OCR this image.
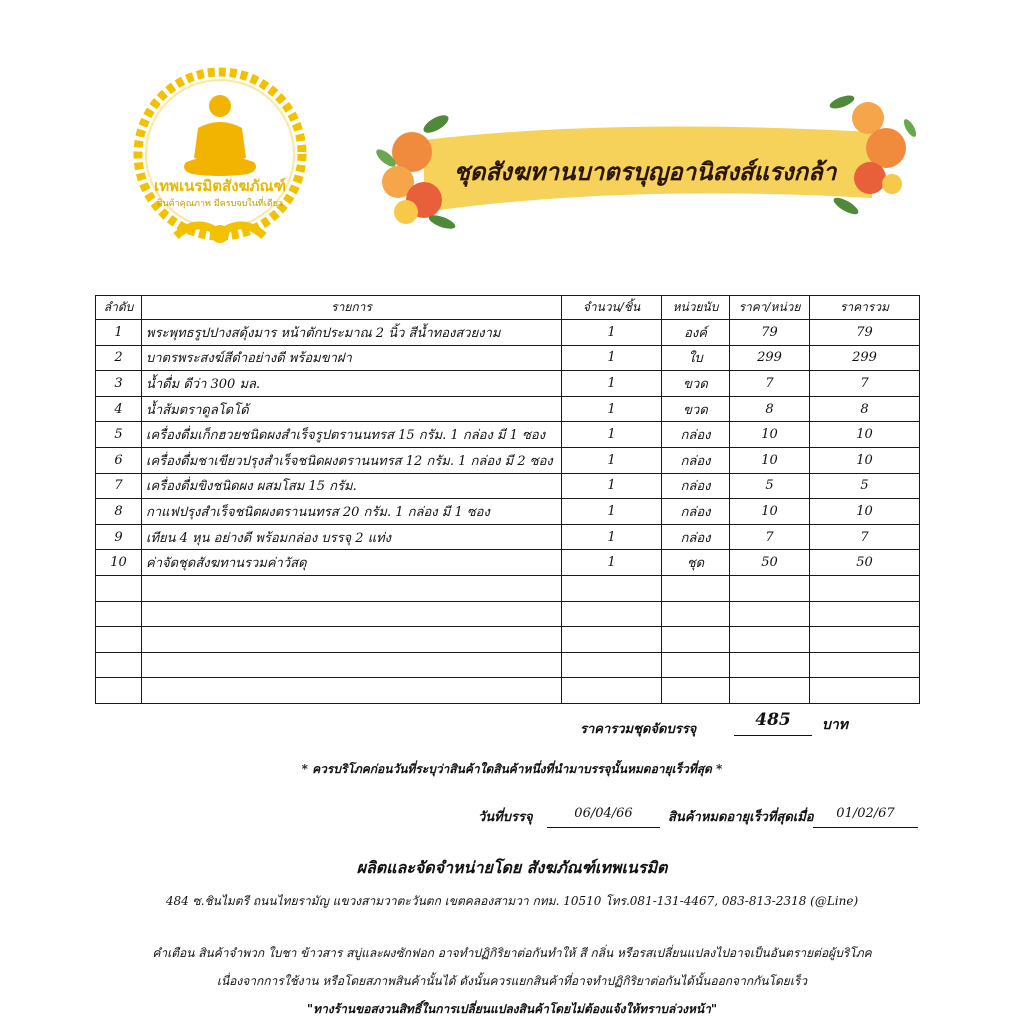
เทพเนรมิตสังฆภัณฑ์
สินค้าคุณภาพ มีครบจบในที่เดียว
ชุดสังฆทานบาตรบุญอานิสงส์แรงกล้า
ลำดับ	รายการ	จำนวน/ชิ้น	หน่วยนับ	ราคา/หน่วย	ราคารวม
1	พระพุทธรูปปางสดุ้งมาร หน้าตักประมาณ 2 นิ้ว สีน้ำทองสวยงาม	1	องค์	79	79
2	บาตรพระสงฆ์สีดำอย่างดี พร้อมขาฝา	1	ใบ	299	299
3	น้ำดื่ม ดีว่า 300 มล.	1	ขวด	7	7
4	น้ำส้มตราดูลโดโด้	1	ขวด	8	8
5	เครื่องดื่มเก็กฮวยชนิดผงสำเร็จรูปตรานนทรส 15 กรัม. 1 กล่อง มี 1 ซอง	1	กล่อง	10	10
6	เครื่องดื่มชาเขียวปรุงสำเร็จชนิดผงตรานนทรส 12 กรัม. 1 กล่อง มี 2 ซอง	1	กล่อง	10	10
7	เครื่องดื่มขิงชนิดผง ผสมโสม 15 กรัม.	1	กล่อง	5	5
8	กาแฟปรุงสำเร็จชนิดผงตรานนทรส 20 กรัม. 1 กล่อง มี 1 ซอง	1	กล่อง	10	10
9	เทียน 4 หุน อย่างดี พร้อมกล่อง บรรจุ 2 แท่ง	1	กล่อง	7	7
10	ค่าจัดชุดสังฆทานรวมค่าวัสดุ	1	ชุด	50	50

ราคารวมชุดจัดบรรจุ	485	บาท
* ควรบริโภคก่อนวันที่ระบุว่าสินค้าใดสินค้าหนึ่งที่นำมาบรรจุนั้นหมดอายุเร็วที่สุด *
วันที่บรรจุ	06/04/66	สินค้าหมดอายุเร็วที่สุดเมื่อ	01/02/67
ผลิตและจัดจำหน่ายโดย สังฆภัณฑ์เทพเนรมิต
484 ซ.ชินไมตรี ถนนไทยรามัญ แขวงสามวาตะวันตก เขตคลองสามวา กทม. 10510 โทร.081-131-4467, 083-813-2318 (@Line)
คำเตือน สินค้าจำพวก ใบชา ข้าวสาร สบู่และผงซักฟอก อาจทำปฏิกิริยาต่อกันทำให้ สี กลิ่น หรือรสเปลี่ยนแปลงไปอาจเป็นอันตรายต่อผู้บริโภค
เนื่องจากการใช้งาน หรือโดยสภาพสินค้านั้นได้ ดังนั้นควรแยกสินค้าที่อาจทำปฏิกิริยาต่อกันได้นั้นออกจากกันโดยเร็ว
"ทางร้านขอสงวนสิทธิ์ในการเปลี่ยนแปลงสินค้าโดยไม่ต้องแจ้งให้ทราบล่วงหน้า"
